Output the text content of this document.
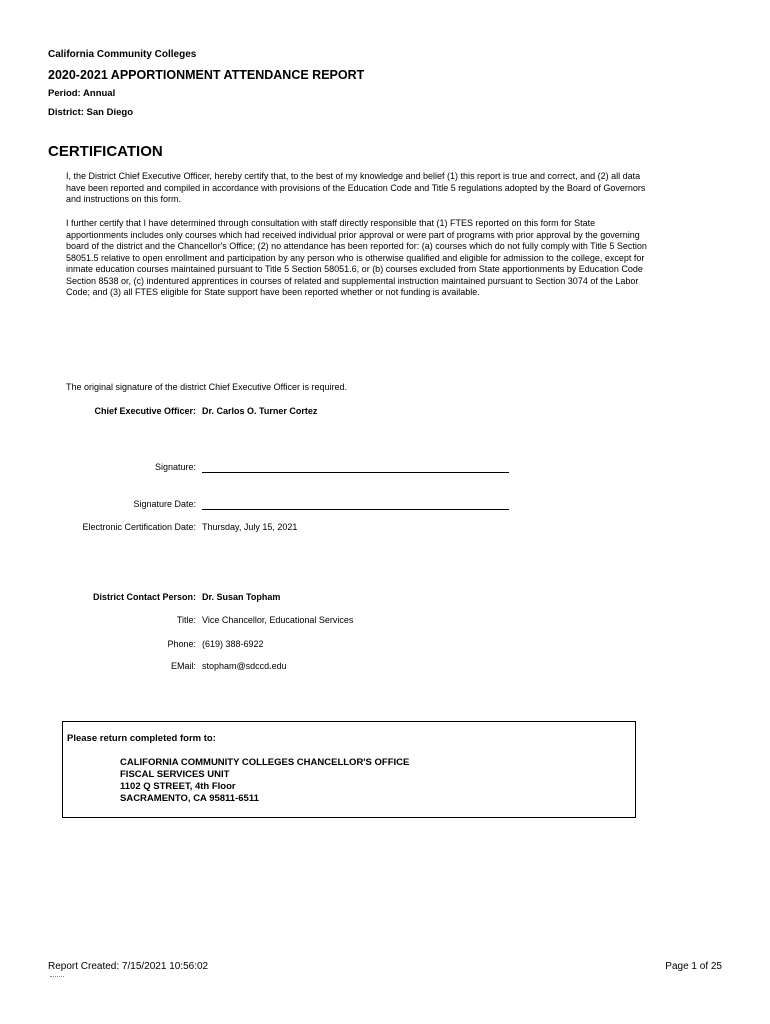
California Community Colleges
2020-2021 APPORTIONMENT ATTENDANCE REPORT
Period: Annual
District: San Diego
CERTIFICATION
I, the District Chief Executive Officer, hereby certify that, to the best of my knowledge and belief (1) this report is true and correct, and (2) all data have been reported and compiled in accordance with provisions of the Education Code and Title 5 regulations adopted by the Board of Governors and instructions on this form.
I further certify that I have determined through consultation with staff directly responsible that (1) FTES reported on this form for State apportionments includes only courses which had received individual prior approval or were part of programs with prior approval by the governing board of the district and the Chancellor's Office; (2) no attendance has been reported for: (a) courses which do not fully comply with Title 5 Section 58051.5 relative to open enrollment and participation by any person who is otherwise qualified and eligible for admission to the college, except for inmate education courses maintained pursuant to Title 5 Section 58051.6, or (b) courses excluded from State apportionments by Education Code Section 8538 or, (c) indentured apprentices in courses of related and supplemental instruction maintained pursuant to Section 3074 of the Labor Code; and (3) all FTES eligible for State support have been reported whether or not funding is available.
The original signature of the district Chief Executive Officer is required.
Chief Executive Officer: Dr. Carlos O. Turner Cortez
Signature:
Signature Date:
Electronic Certification Date: Thursday, July 15, 2021
District Contact Person: Dr. Susan Topham
Title: Vice Chancellor, Educational Services
Phone: (619) 388-6922
EMail: stopham@sdccd.edu
Please return completed form to:
CALIFORNIA COMMUNITY COLLEGES CHANCELLOR'S OFFICE
FISCAL SERVICES UNIT
1102 Q STREET, 4th Floor
SACRAMENTO, CA 95811-6511
Report Created: 7/15/2021 10:56:02	Page 1 of 25
